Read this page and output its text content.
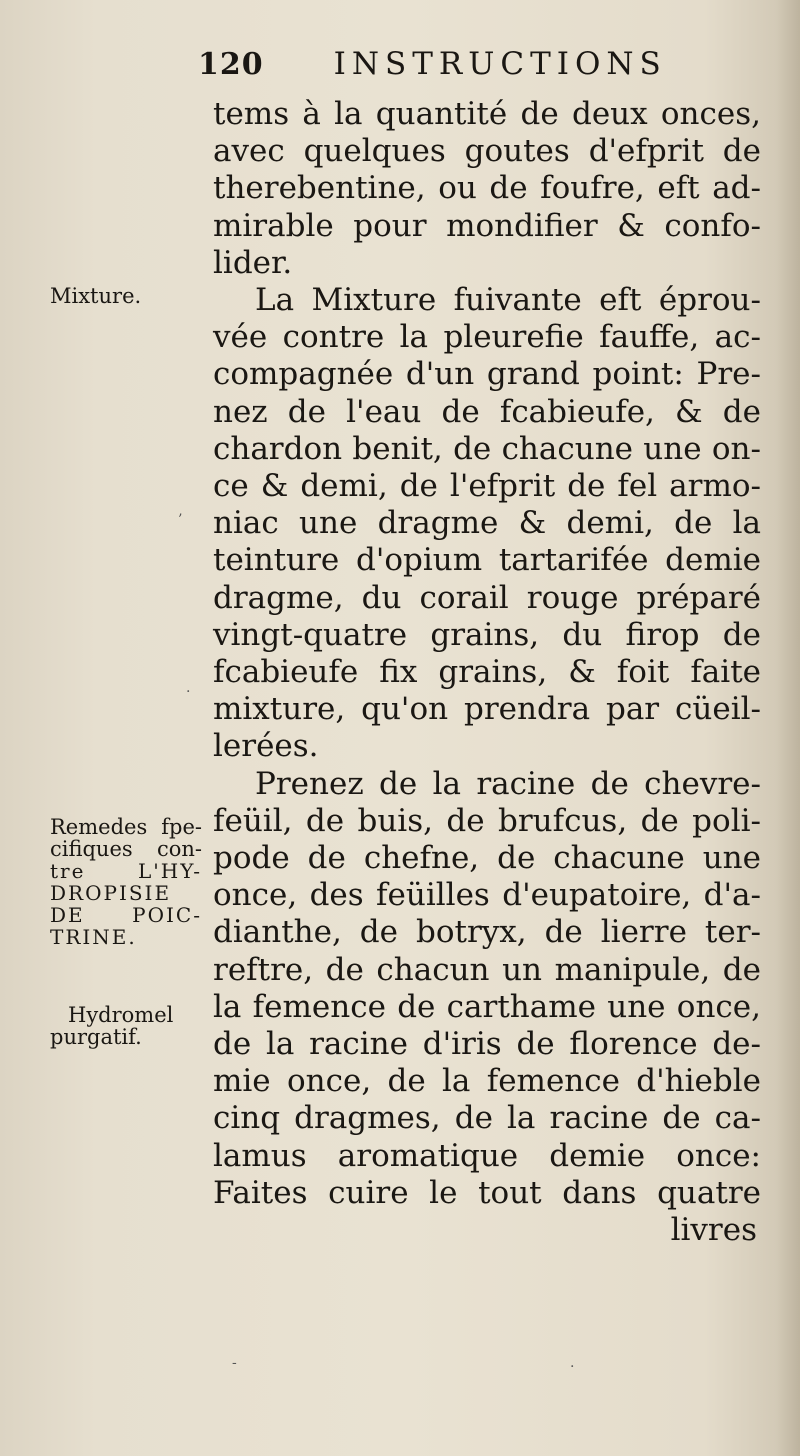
120 INSTRUCTIONS
Mixture.
Remedes fpe-
cifiques con-
tre L'HY-
DROPISIE
DE POIC-
TRINE.
Hydromel
purgatif.
tems à la quantité de deux onces,
avec quelques goutes d'efprit de
therebentine, ou de foufre, eft ad-
mirable pour mondifier & confo-
lider.
La Mixture fuivante eft éprou-
vée contre la pleurefie fauffe, ac-
compagnée d'un grand point: Pre-
nez de l'eau de fcabieufe, & de
chardon benit, de chacune une on-
ce & demi, de l'efprit de fel armo-
niac une dragme & demi, de la
teinture d'opium tartarifée demie
dragme, du corail rouge préparé
vingt-quatre grains, du firop de
fcabieufe fix grains, & foit faite
mixture, qu'on prendra par cüeil-
lerées.
Prenez de la racine de chevre-
feüil, de buis, de brufcus, de poli-
pode de chefne, de chacune une
once, des feüilles d'eupatoire, d'a-
dianthe, de botryx, de lierre ter-
reftre, de chacun un manipule, de
la femence de carthame une once,
de la racine d'iris de florence de-
mie once, de la femence d'hieble
cinq dragmes, de la racine de ca-
lamus aromatique demie once:
Faites cuire le tout dans quatre
livres
’
.
-	.
